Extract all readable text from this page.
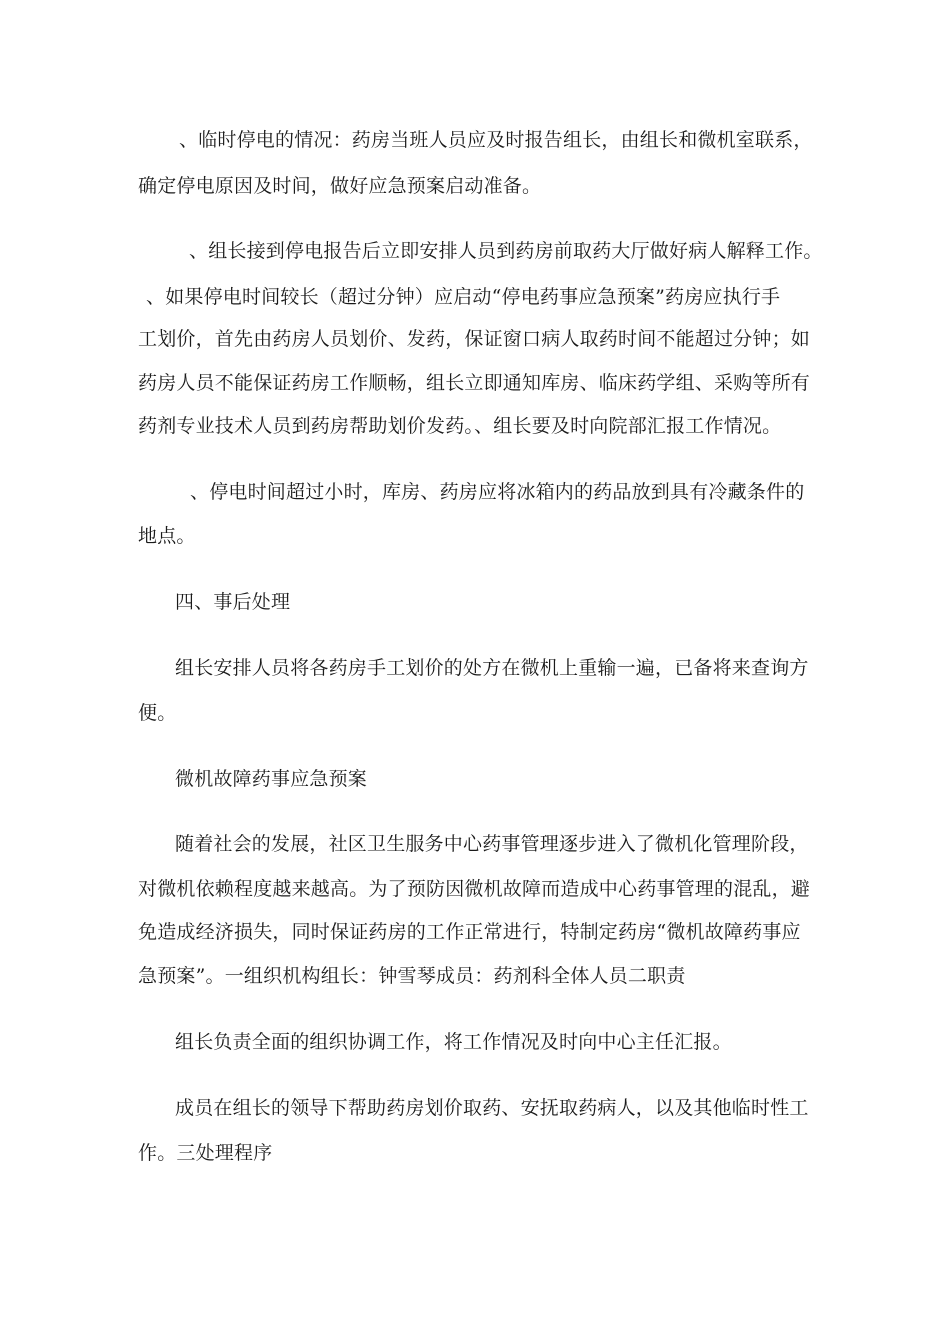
、临时停电的情况：药房当班人员应及时报告组长，由组长和微机室联系，
确定停电原因及时间，做好应急预案启动准备。
、组长接到停电报告后立即安排人员到药房前取药大厅做好病人解释工作。
、如果停电时间较长（超过分钟）应启动“停电药事应急预案”药房应执行手
工划价，首先由药房人员划价、发药，保证窗口病人取药时间不能超过分钟；如
药房人员不能保证药房工作顺畅，组长立即通知库房、临床药学组、采购等所有
药剂专业技术人员到药房帮助划价发药。、组长要及时向院部汇报工作情况。
、停电时间超过小时，库房、药房应将冰箱内的药品放到具有冷藏条件的
地点。
四、事后处理
组长安排人员将各药房手工划价的处方在微机上重输一遍，已备将来查询方
便。
微机故障药事应急预案
随着社会的发展，社区卫生服务中心药事管理逐步进入了微机化管理阶段，
对微机依赖程度越来越高。为了预防因微机故障而造成中心药事管理的混乱，避
免造成经济损失，同时保证药房的工作正常进行，特制定药房“微机故障药事应
急预案”。一组织机构组长：钟雪琴成员：药剂科全体人员二职责
组长负责全面的组织协调工作，将工作情况及时向中心主任汇报。
成员在组长的领导下帮助药房划价取药、安抚取药病人，以及其他临时性工
作。三处理程序
